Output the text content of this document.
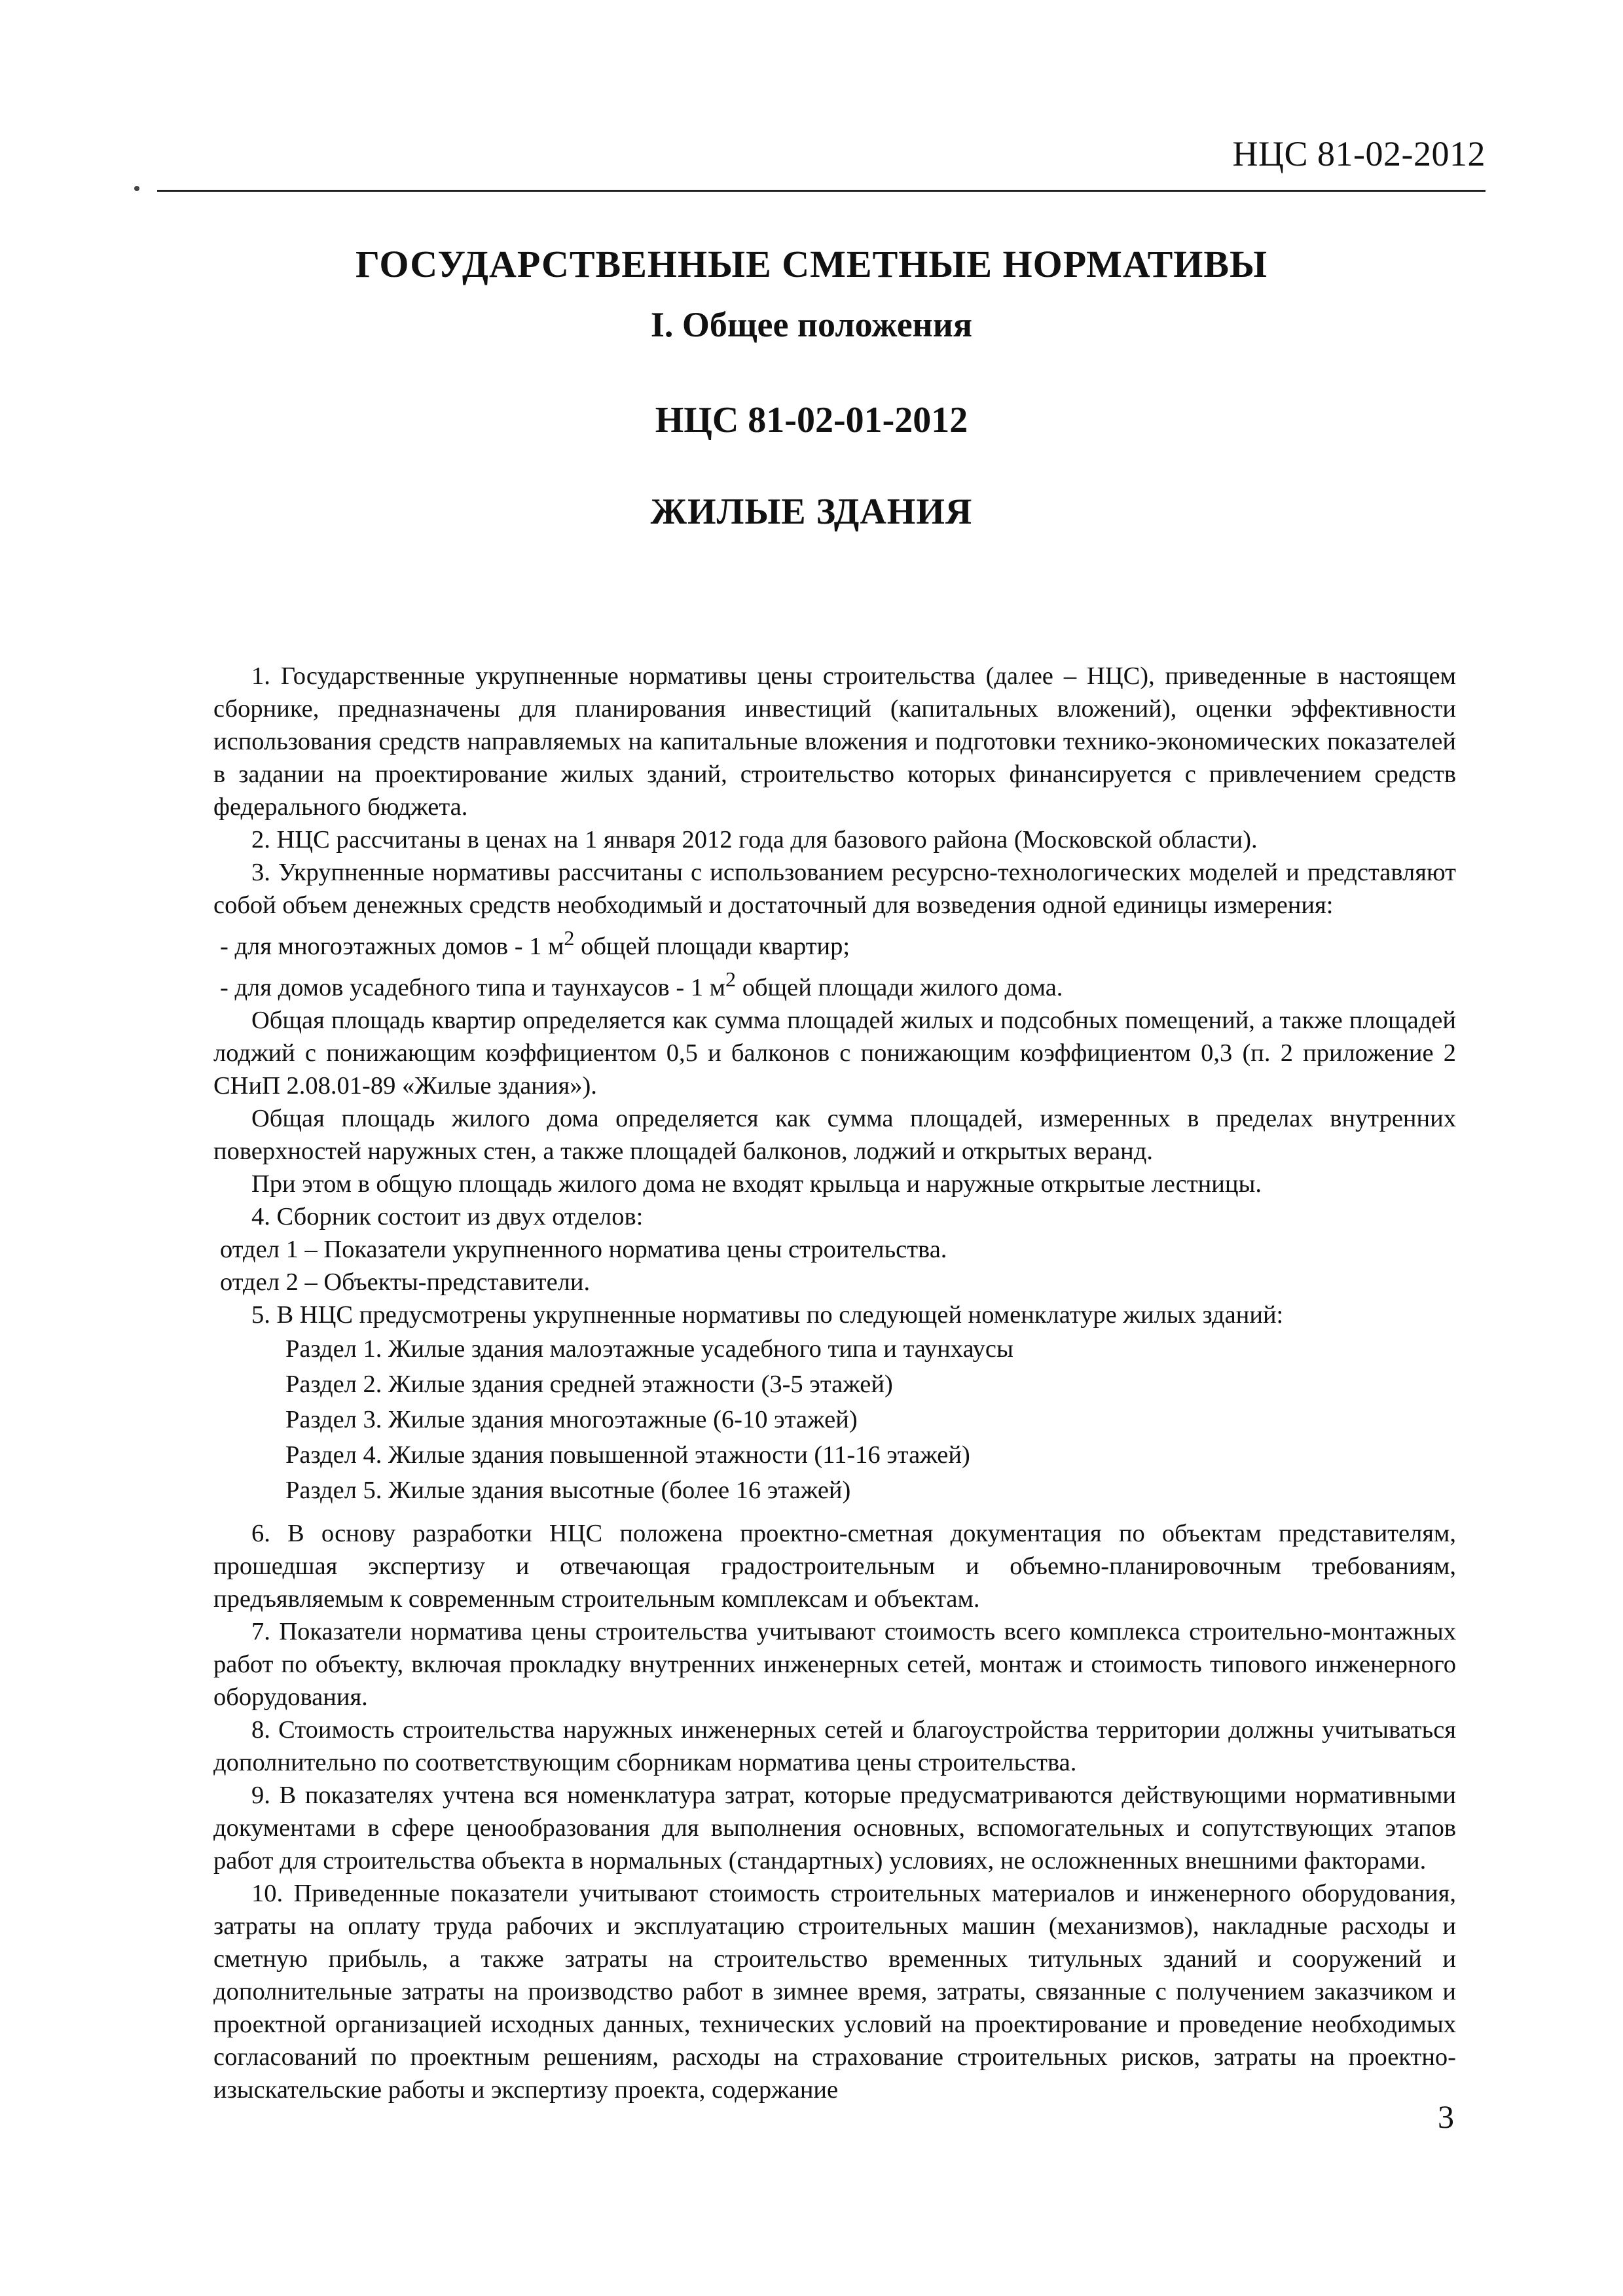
НЦС 81-02-2012
ГОСУДАРСТВЕННЫЕ СМЕТНЫЕ НОРМАТИВЫ
I. Общее положения
НЦС 81-02-01-2012
ЖИЛЫЕ ЗДАНИЯ

1. Государственные укрупненные нормативы цены строительства (далее – НЦС), приведенные в настоящем сборнике, предназначены для планирования инвестиций (капитальных вложений), оценки эффективности использования средств направляемых на капитальные вложения и подготовки технико-экономических показателей в задании на проектирование жилых зданий, строительство которых финансируется с привлечением средств федерального бюджета.

2. НЦС рассчитаны в ценах на 1 января 2012 года для базового района (Московской области).

3. Укрупненные нормативы рассчитаны с использованием ресурсно-технологических моделей и представляют собой объем денежных средств необходимый и достаточный для возведения одной единицы измерения:

- для многоэтажных домов - 1 $м^2$ общей площади квартир;

- для домов усадебного типа и таунхаусов - 1 $м^2$ общей площади жилого дома.

Общая площадь квартир определяется как сумма площадей жилых и подсобных помещений, а также площадей лоджий с понижающим коэффициентом 0,5 и балконов с понижающим коэффициентом 0,3 (п. 2 приложение 2 СНиП 2.08.01-89 «Жилые здания»).

Общая площадь жилого дома определяется как сумма площадей, измеренных в пределах внутренних поверхностей наружных стен, а также площадей балконов, лоджий и открытых веранд.

При этом в общую площадь жилого дома не входят крыльца и наружные открытые лестницы.

4. Сборник состоит из двух отделов:

отдел 1 – Показатели укрупненного норматива цены строительства.

отдел 2 – Объекты-представители.

5. В НЦС предусмотрены укрупненные нормативы по следующей номенклатуре жилых зданий:

Раздел 1. Жилые здания малоэтажные усадебного типа и таунхаусы

Раздел 2. Жилые здания средней этажности (3-5 этажей)

Раздел 3. Жилые здания многоэтажные (6-10 этажей)

Раздел 4. Жилые здания повышенной этажности (11-16 этажей)

Раздел 5. Жилые здания высотные (более 16 этажей)

6. В основу разработки НЦС положена проектно-сметная документация по объектам представителям, прошедшая экспертизу и отвечающая градостроительным и объемно-планировочным требованиям, предъявляемым к современным строительным комплексам и объектам.

7. Показатели норматива цены строительства учитывают стоимость всего комплекса строительно-монтажных работ по объекту, включая прокладку внутренних инженерных сетей, монтаж и стоимость типового инженерного оборудования.

8. Стоимость строительства наружных инженерных сетей и благоустройства территории должны учитываться дополнительно по соответствующим сборникам норматива цены строительства.

9. В показателях учтена вся номенклатура затрат, которые предусматриваются действующими нормативными документами в сфере ценообразования для выполнения основных, вспомогательных и сопутствующих этапов работ для строительства объекта в нормальных (стандартных) условиях, не осложненных внешними факторами.

10. Приведенные показатели учитывают стоимость строительных материалов и инженерного оборудования, затраты на оплату труда рабочих и эксплуатацию строительных машин (механизмов), накладные расходы и сметную прибыль, а также затраты на строительство временных титульных зданий и сооружений и дополнительные затраты на производство работ в зимнее время, затраты, связанные с получением заказчиком и проектной организацией исходных данных, технических условий на проектирование и проведение необходимых согласований по проектным решениям, расходы на страхование строительных рисков, затраты на проектно-изыскательские работы и экспертизу проекта, содержание

3
